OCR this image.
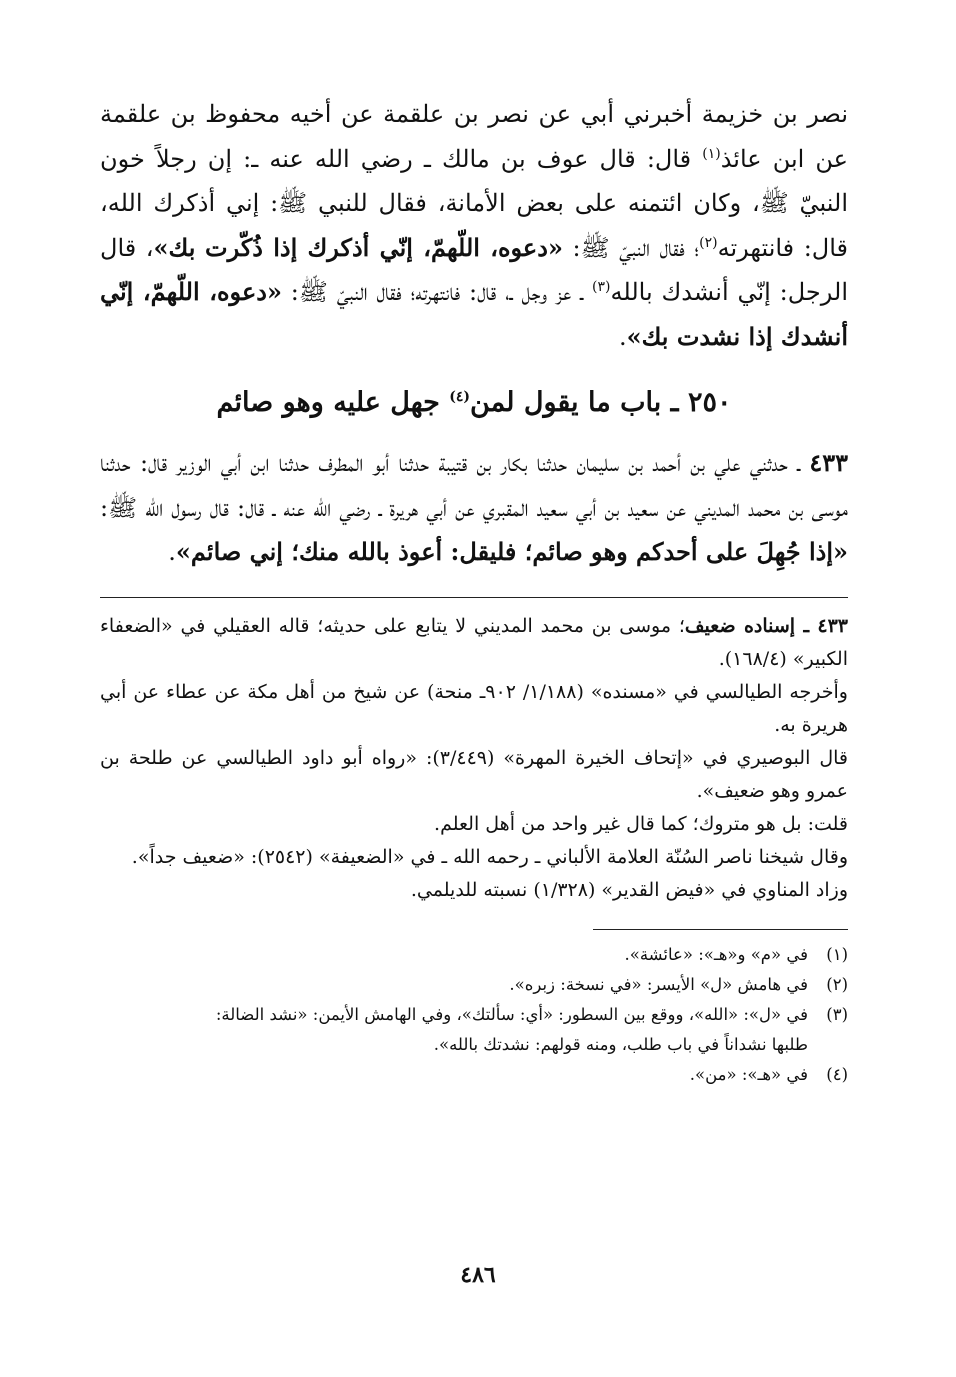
نصر بن خزيمة أخبرني أبي عن نصر بن علقمة عن أخيه محفوظ بن علقمة عن ابن عائذ$^{(١)}$ قال: قال عوف بن مالك ـ رضي الله عنه ـ: إن رجلاً خون النبيّ ﷺ، وكان ائتمنه على بعض الأمانة، فقال للنبي ﷺ: إني أذكرك الله، قال: فانتهرته$^{(٢)}$؛ فقال النبيّ ﷺ: «دعوه، اللّهمّ، إنّي أذكرك إذا ذُكّرت بك»، قال الرجل: إنّي أنشدك بالله$^{(٣)}$ ـ عز وجل ـ، قال: فانتهرته؛ فقال النبيّ ﷺ: «دعوه، اللّهمّ، إنّي أنشدك إذا نشدت بك».

٢٥٠ ـ باب ما يقول لمن$^{(٤)}$ جهل عليه وهو صائم

٤٣٣ ـ حدثني علي بن أحمد بن سليمان حدثنا بكار بن قتيبة حدثنا أبو المطرف حدثنا ابن أبي الوزير قال: حدثنا موسى بن محمد المديني عن سعيد بن أبي سعيد المقبري عن أبي هريرة ـ رضي الله عنه ـ قال: قال رسول الله ﷺ: «إذا جُهِلَ على أحدكم وهو صائم؛ فليقل: أعوذ بالله منك؛ إني صائم».

٤٣٣ ـ إسناده ضعيف؛ موسى بن محمد المديني لا يتابع على حديثه؛ قاله العقيلي في «الضعفاء الكبير» (١٦٨/٤).

وأخرجه الطيالسي في «مسنده» (١/١٨٨/ ٩٠٢ـ منحة) عن شيخ من أهل مكة عن عطاء عن أبي هريرة به.

قال البوصيري في «إتحاف الخيرة المهرة» (٣/٤٤٩): «رواه أبو داود الطيالسي عن طلحة بن عمرو وهو ضعيف».

قلت: بل هو متروك؛ كما قال غير واحد من أهل العلم.

وقال شيخنا ناصر السُنّة العلامة الألباني ـ رحمه الله ـ في «الضعيفة» (٢٥٤٢): «ضعيف جداً».

وزاد المناوي في «فيض القدير» (١/٣٢٨) نسبته للديلمي.

(١)في «م» و«هـ»: «عائشة».

(٢)في هامش «ل» الأيسر: «في نسخة: زبره».

(٣)في «ل»: «الله»، ووقع بين السطور: «أي: سألتك»، وفي الهامش الأيمن: «نشد الضالة:

طلبها نشداناً في باب طلب، ومنه قولهم: نشدتك بالله».

(٤)في «هـ»: «من».

٤٨٦
